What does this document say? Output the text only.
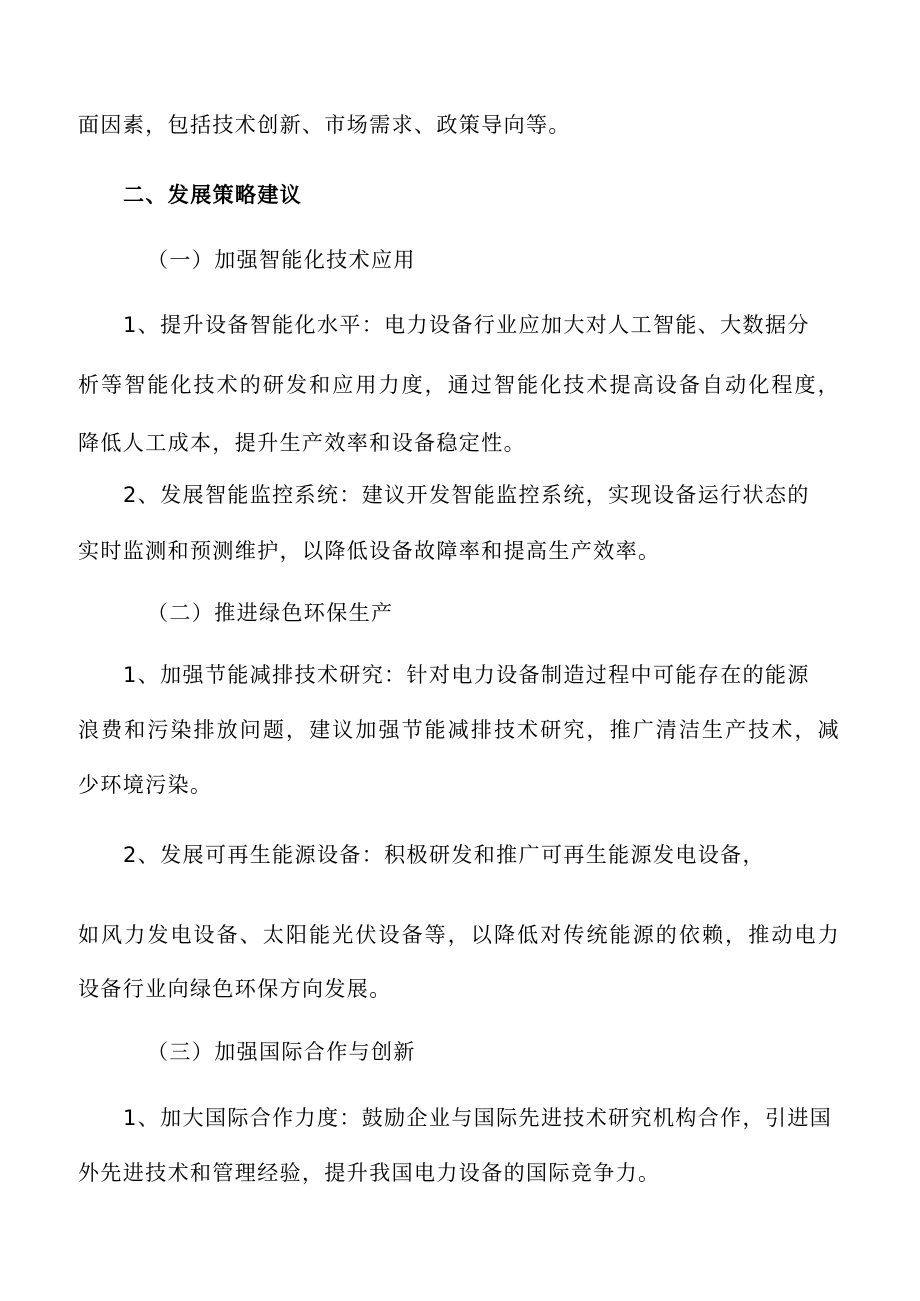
面因素，包括技术创新、市场需求、政策导向等。
二、发展策略建议
（一）加强智能化技术应用
1、提升设备智能化水平：电力设备行业应加大对人工智能、大数据分
析等智能化技术的研发和应用力度，通过智能化技术提高设备自动化程度，
降低人工成本，提升生产效率和设备稳定性。
2、发展智能监控系统：建议开发智能监控系统，实现设备运行状态的
实时监测和预测维护，以降低设备故障率和提高生产效率。
（二）推进绿色环保生产
1、加强节能减排技术研究：针对电力设备制造过程中可能存在的能源
浪费和污染排放问题，建议加强节能减排技术研究，推广清洁生产技术，减
少环境污染。
2、发展可再生能源设备：积极研发和推广可再生能源发电设备，
如风力发电设备、太阳能光伏设备等，以降低对传统能源的依赖，推动电力
设备行业向绿色环保方向发展。
（三）加强国际合作与创新
1、加大国际合作力度：鼓励企业与国际先进技术研究机构合作，引进国
外先进技术和管理经验，提升我国电力设备的国际竞争力。
